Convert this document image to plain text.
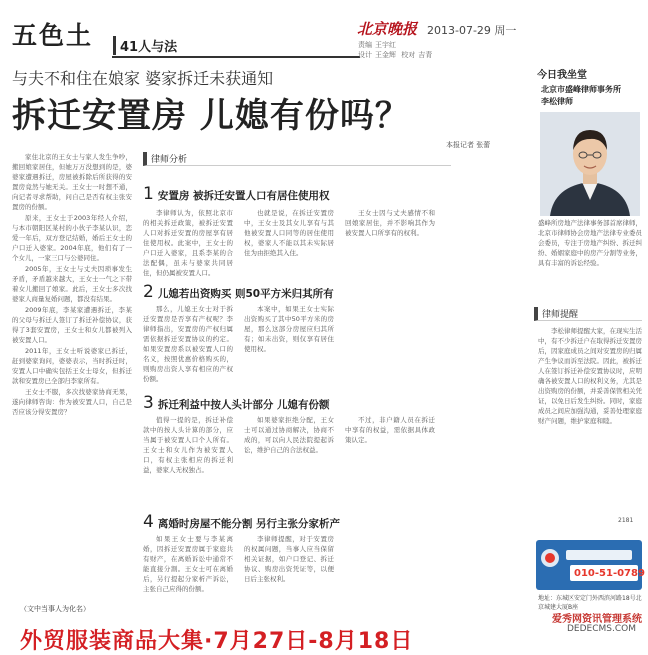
五色土	41人与法
北京晚报 2013-07-29 周一
责编 王宇红
设计 王金辉 校对 吉青
与夫不和住在娘家 婆家拆迁未获通知
拆迁安置房 儿媳有份吗？
本报记者 张蕾

家住北京的王女士与家人发生争吵，搬回娘家居住，但她万万没想到的是，婆婆家遭遇拆迁，房屋被拆除后所获得的安置房竟然与她无关。王女士一时想不通，向记者寻求帮助，问自己是否有权主张安置房的份额。

原来，王女士于2003年经人介绍，与本市朝阳区某村的小伙子李某认识，恋爱一年后，双方登记结婚，婚后王女士的户口迁入婆家。2004年底，他们有了一个女儿，一家三口与公婆同住。

2005年，王女士与丈夫因琐事发生矛盾，矛盾越来越大，王女士一气之下带着女儿搬回了娘家。此后，王女士多次找婆家人商量复婚问题，都没有结果。

2009年底，李某家遭遇拆迁，李某的父母与拆迁人签订了拆迁补偿协议，获得了3套安置房，王女士和女儿都被列入被安置人口。

2011年，王女士听说婆家已拆迁，赶到婆家询问，婆婆表示，当时拆迁时，安置人口中确实包括王女士母女，但拆迁款和安置房已全部归李家所有。

王女士不服，多次找婆家协商无果，遂向律师咨询：作为被安置人口，自己是否应该分得安置房？

（文中当事人为化名）
律师分析
1 安置房 被拆迁安置人口有居住使用权

李律师认为，依照北京市的相关拆迁政策，被拆迁安置人口对拆迁安置的房屋享有居住使用权。此案中，王女士的户口迁入婆家，且系李某的合法配偶，虽未与婆家共同居住，但仍属被安置人口。

也就是说，在拆迁安置房中，王女士及其女儿享有与其他被安置人口同等的居住使用权，婆家人不能以其未实际居住为由拒绝其入住。

王女士因与丈夫感情不和回娘家居住，并不影响其作为被安置人口所享有的权利。

2 儿媳若出资购买 则50平方米归其所有

那么，儿媳王女士对于拆迁安置房是否享有产权呢？李律师指出，安置房的产权归属需依据拆迁安置协议的约定。如果安置房系以被安置人口的名义，按照优惠价格购买的，则购房出资人享有相应的产权份额。

本案中，如果王女士实际出资购买了其中50平方米的房屋，那么这部分房屋应归其所有；如未出资，则仅享有居住使用权。

3 拆迁利益中按人头计部分 儿媳有份额

值得一提的是，拆迁补偿款中的按人头计算的部分，应当属于被安置人口个人所有。王女士和女儿作为被安置人口，有权主张相应的拆迁利益，婆家人无权独占。

如果婆家拒绝分配，王女士可以通过协商解决，协商不成的，可以向人民法院提起诉讼，维护自己的合法权益。

不过，非户籍人员在拆迁中享有的权益，需依据具体政策认定。

4 离婚时房屋不能分割 另行主张分家析产

如果王女士要与李某离婚，因拆迁安置房属于家庭共有财产，在离婚诉讼中通常不能直接分割。王女士可在离婚后，另行提起分家析产诉讼，主张自己应得的份额。

李律师提醒，对于安置房的权属问题，当事人应当保留相关证据，如户口登记、拆迁协议、购房出资凭证等，以便日后主张权利。

今日我坐堂
北京市盛峰律师事务所
李松律师
盛峰所房地产法律事务部首席律师，北京市律师协会房地产法律专业委员会委员，专注于房地产纠纷、拆迁纠纷、婚姻家庭中的房产分割等业务，具有丰富的诉讼经验。
律师提醒

李松律师提醒大家，在现实生活中，有不少拆迁户在取得拆迁安置房后，因家庭成员之间对安置房的归属产生争议而诉至法院。因此，被拆迁人在签订拆迁补偿安置协议时，应明确各被安置人口的权利义务，尤其是出资购房的份额，并妥善保管相关凭证，以免日后发生纠纷。同时，家庭成员之间应加强沟通，妥善处理家庭财产问题，维护家庭和睦。

2181
010-51-0789
地址：东城区安定门外西滨河路18号北京城建大厦B座
外贸服装商品大集·7月27日-8月18日
爱秀网资讯管理系统
DEDECMS.COM
